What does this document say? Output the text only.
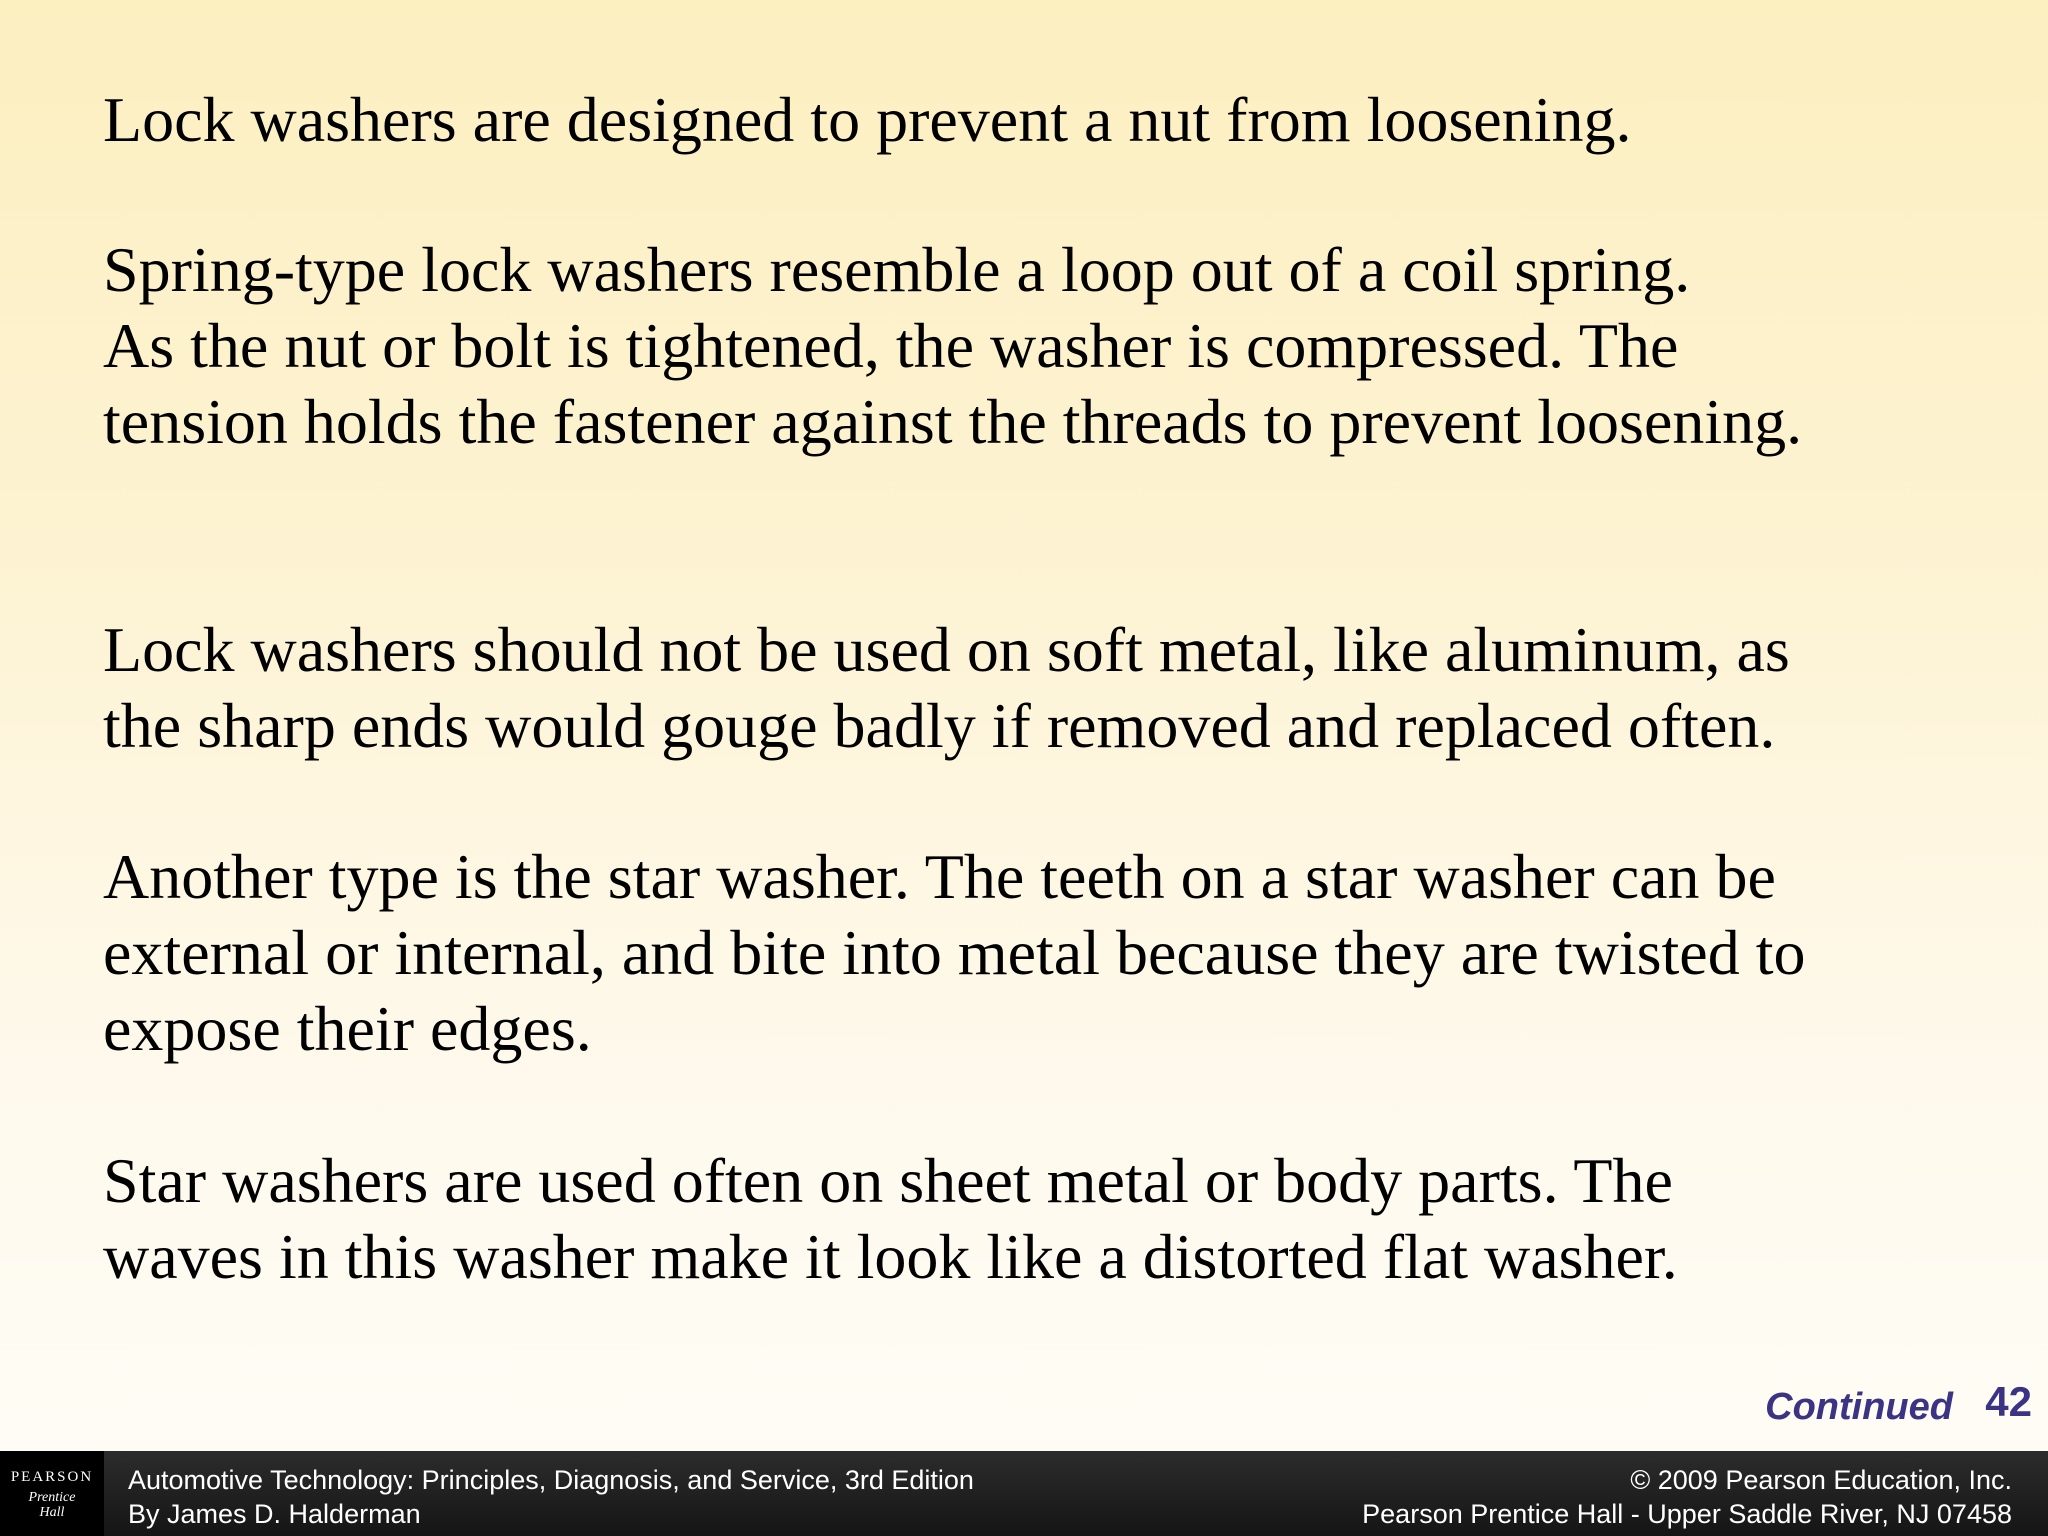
Lock washers are designed to prevent a nut from loosening.

Spring-type lock washers resemble a loop out of a coil spring.
As the nut or bolt is tightened, the washer is compressed. The
tension holds the fastener against the threads to prevent loosening.

Lock washers should not be used on soft metal, like aluminum, as
the sharp ends would gouge badly if removed and replaced often.

Another type is the star washer. The teeth on a star washer can be
external or internal, and bite into metal because they are twisted to
expose their edges.

Star washers are used often on sheet metal or body parts. The
waves in this washer make it look like a distorted flat washer.

Continued 42
PEARSON
Prentice
Hall
Automotive Technology: Principles, Diagnosis, and Service, 3rd Edition
By James D. Halderman
© 2009 Pearson Education, Inc.
Pearson Prentice Hall - Upper Saddle River, NJ 07458
